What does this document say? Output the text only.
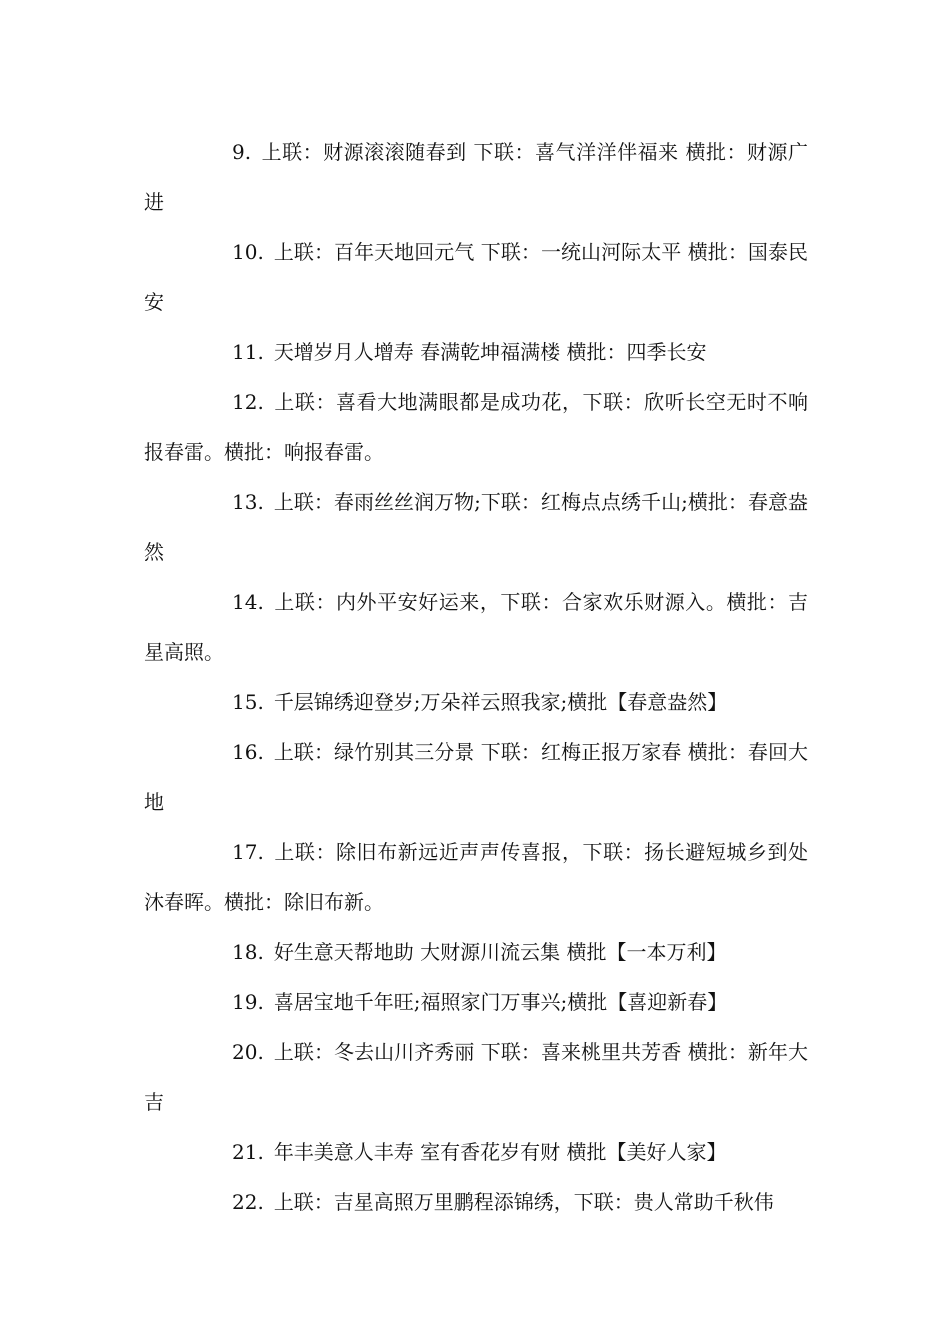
9. 上联：财源滚滚随春到 下联：喜气洋洋伴福来 横批：财源广进

10. 上联：百年天地回元气 下联：一统山河际太平 横批：国泰民安

11. 天增岁月人增寿 春满乾坤福满楼 横批：四季长安

12. 上联：喜看大地满眼都是成功花，下联：欣听长空无时不响报春雷。横批：响报春雷。

13. 上联：春雨丝丝润万物;下联：红梅点点绣千山;横批：春意盎然

14. 上联：内外平安好运来，下联：合家欢乐财源入。横批：吉星高照。

15. 千层锦绣迎登岁;万朵祥云照我家;横批【春意盎然】

16. 上联：绿竹别其三分景 下联：红梅正报万家春 横批：春回大地

17. 上联：除旧布新远近声声传喜报，下联：扬长避短城乡到处沐春晖。横批：除旧布新。

18. 好生意天帮地助 大财源川流云集 横批【一本万利】

19. 喜居宝地千年旺;福照家门万事兴;横批【喜迎新春】

20. 上联：冬去山川齐秀丽 下联：喜来桃里共芳香 横批：新年大吉

21. 年丰美意人丰寿 室有香花岁有财 横批【美好人家】

22. 上联：吉星高照万里鹏程添锦绣，下联：贵人常助千秋伟
